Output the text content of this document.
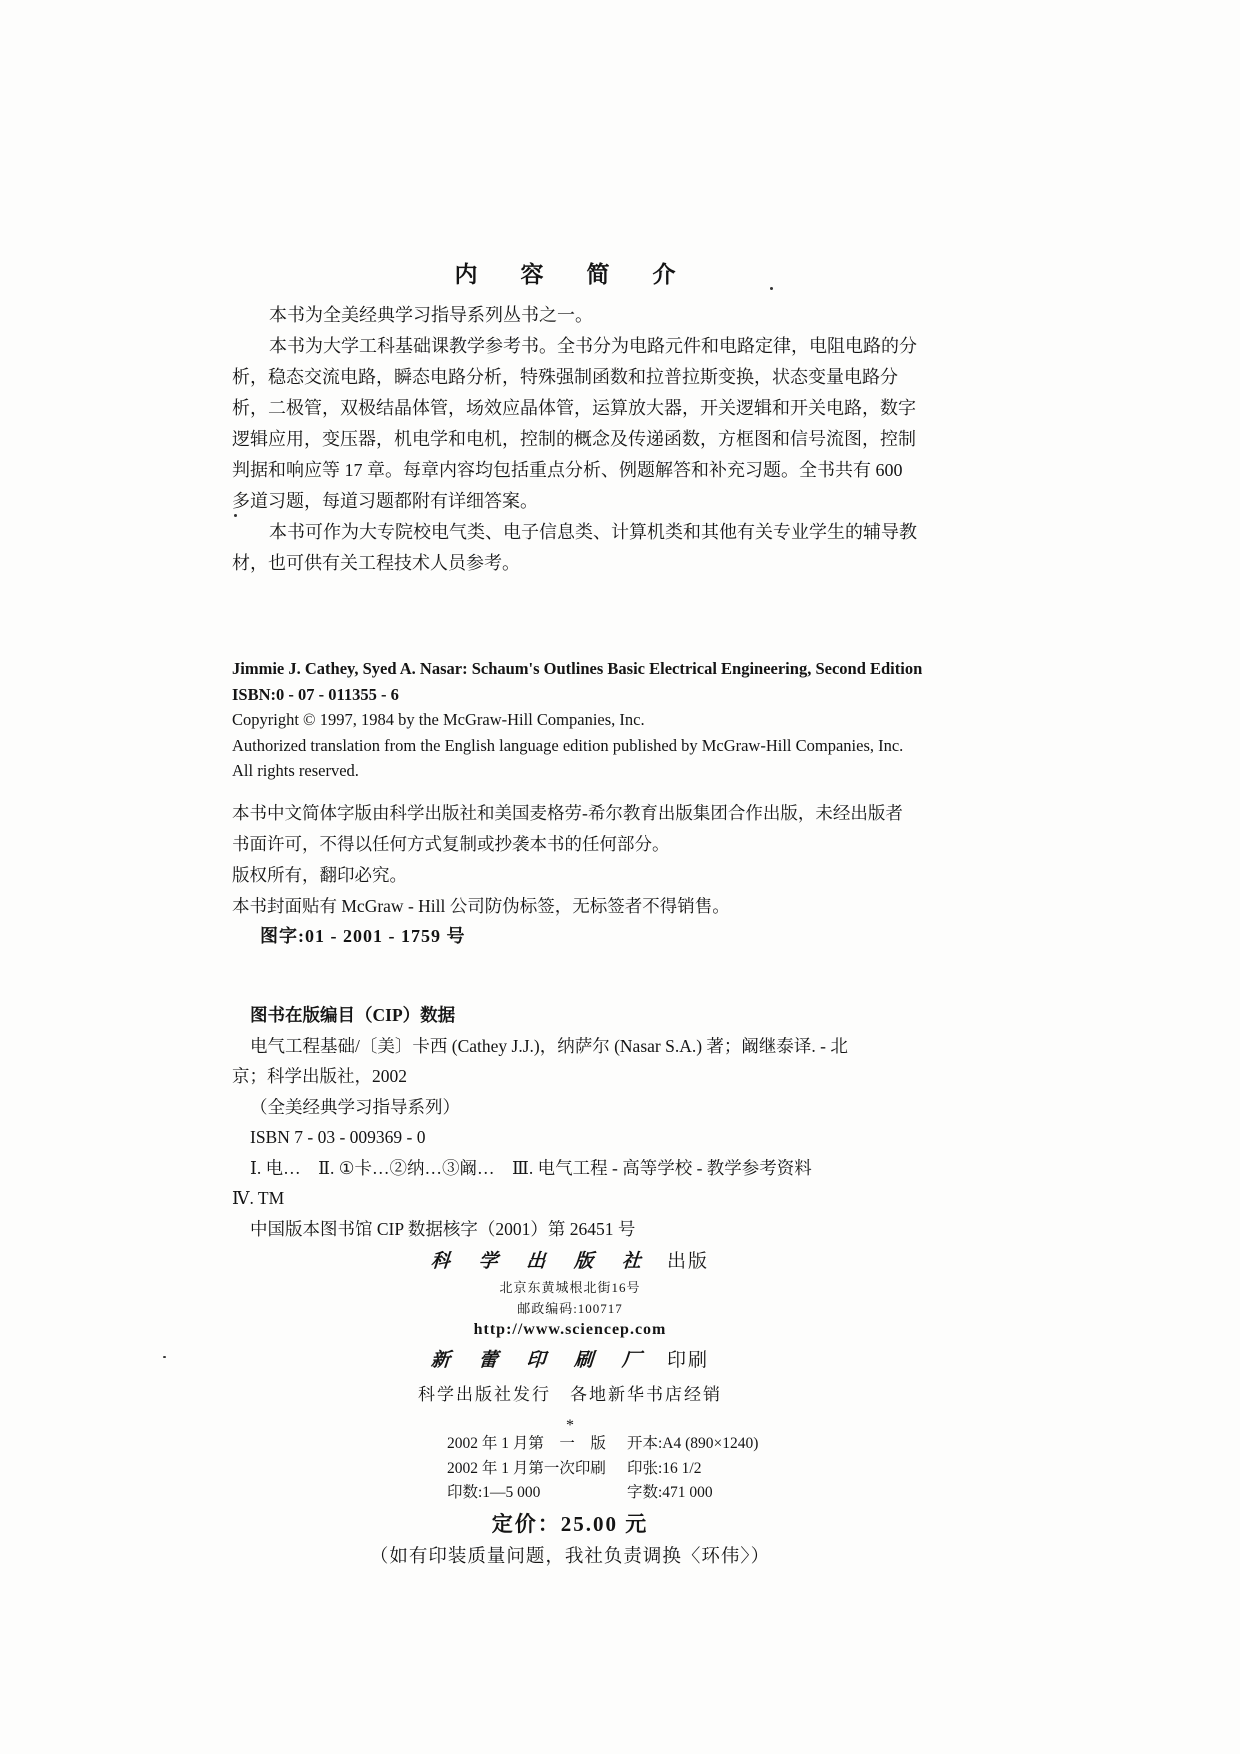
内　容　简　介
本书为全美经典学习指导系列丛书之一。
本书为大学工科基础课教学参考书。全书分为电路元件和电路定律，电阻电路的分
析，稳态交流电路，瞬态电路分析，特殊强制函数和拉普拉斯变换，状态变量电路分
析，二极管，双极结晶体管，场效应晶体管，运算放大器，开关逻辑和开关电路，数字
逻辑应用，变压器，机电学和电机，控制的概念及传递函数，方框图和信号流图，控制
判据和响应等 17 章。每章内容均包括重点分析、例题解答和补充习题。全书共有 600
多道习题，每道习题都附有详细答案。
本书可作为大专院校电气类、电子信息类、计算机类和其他有关专业学生的辅导教
材，也可供有关工程技术人员参考。
Jimmie J. Cathey, Syed A. Nasar: Schaum's Outlines Basic Electrical Engineering, Second Edition
ISBN:0 - 07 - 011355 - 6
Copyright © 1997, 1984 by the McGraw-Hill Companies, Inc.
Authorized translation from the English language edition published by McGraw-Hill Companies, Inc.
All rights reserved.
本书中文简体字版由科学出版社和美国麦格劳-希尔教育出版集团合作出版，未经出版者
书面许可，不得以任何方式复制或抄袭本书的任何部分。
版权所有，翻印必究。
本书封面贴有 McGraw - Hill 公司防伪标签，无标签者不得销售。
图字:01 - 2001 - 1759 号
图书在版编目（CIP）数据
电气工程基础/〔美〕卡西 (Cathey J.J.)，纳萨尔 (Nasar S.A.) 著；阚继泰译. - 北
京；科学出版社，2002
（全美经典学习指导系列）
ISBN 7 - 03 - 009369 - 0
Ⅰ. 电…　Ⅱ. ①卡…②纳…③阚…　Ⅲ. 电气工程 - 高等学校 - 教学参考资料
Ⅳ. TM
中国版本图书馆 CIP 数据核字（2001）第 26451 号
科 学 出 版 社 出版
北京东黄城根北街16号
邮政编码:100717
http://www.sciencep.com
新 蕾 印 刷 厂 印刷
科学出版社发行　各地新华书店经销
*
2002 年 1 月第　一　版	开本:A4 (890×1240)
2002 年 1 月第一次印刷	印张:16 1/2
印数:1—5 000	字数:471 000
定价：25.00 元
（如有印装质量问题，我社负责调换〈环伟〉）
